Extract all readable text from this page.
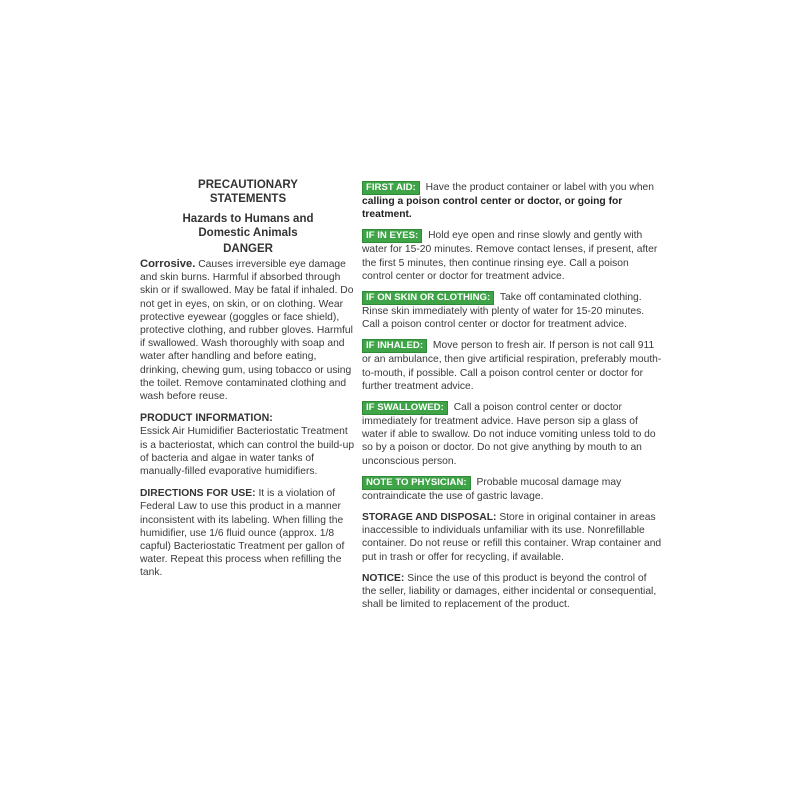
PRECAUTIONARY
STATEMENTS
Hazards to Humans and
Domestic Animals
DANGER

Corrosive. Causes irreversible eye damage and skin burns. Harmful if absorbed through skin or if swallowed. May be fatal if inhaled. Do not get in eyes, on skin, or on clothing. Wear protective eyewear (goggles or face shield), protective clothing, and rubber gloves. Harmful if swallowed. Wash thoroughly with soap and water after handling and before eating, drinking, chewing gum, using tobacco or using the toilet. Remove contaminated clothing and wash before reuse.

PRODUCT INFORMATION:
Essick Air Humidifier Bacteriostatic Treatment is a bacteriostat, which can control the build-up of bacteria and algae in water tanks of manually-filled evaporative humidifiers.

DIRECTIONS FOR USE: It is a violation of Federal Law to use this product in a manner inconsistent with its labeling. When filling the humidifier, use 1/6 fluid ounce (approx. 1/8 capful) Bacteriostatic Treatment per gallon of water. Repeat this process when refilling the tank.

FIRST AID: Have the product container or label with you when calling a poison control center or doctor, or going for treatment.
IF IN EYES: Hold eye open and rinse slowly and gently with water for 15-20 minutes. Remove contact lenses, if present, after the first 5 minutes, then continue rinsing eye. Call a poison control center or doctor for treatment advice.
IF ON SKIN OR CLOTHING: Take off contaminated clothing. Rinse skin immediately with plenty of water for 15-20 minutes. Call a poison control center or doctor for treatment advice.
IF INHALED: Move person to fresh air. If person is not call 911 or an ambulance, then give artificial respiration, preferably mouth-to-mouth, if possible. Call a poison control center or doctor for further treatment advice.
IF SWALLOWED: Call a poison control center or doctor immediately for treatment advice. Have person sip a glass of water if able to swallow. Do not induce vomiting unless told to do so by a poison or doctor. Do not give anything by mouth to an unconscious person.
NOTE TO PHYSICIAN: Probable mucosal damage may contraindicate the use of gastric lavage.
STORAGE AND DISPOSAL: Store in original container in areas inaccessible to individuals unfamiliar with its use. Nonrefillable container. Do not reuse or refill this container. Wrap container and put in trash or offer for recycling, if available.
NOTICE: Since the use of this product is beyond the control of the seller, liability or damages, either incidental or consequential, shall be limited to replacement of the product.
